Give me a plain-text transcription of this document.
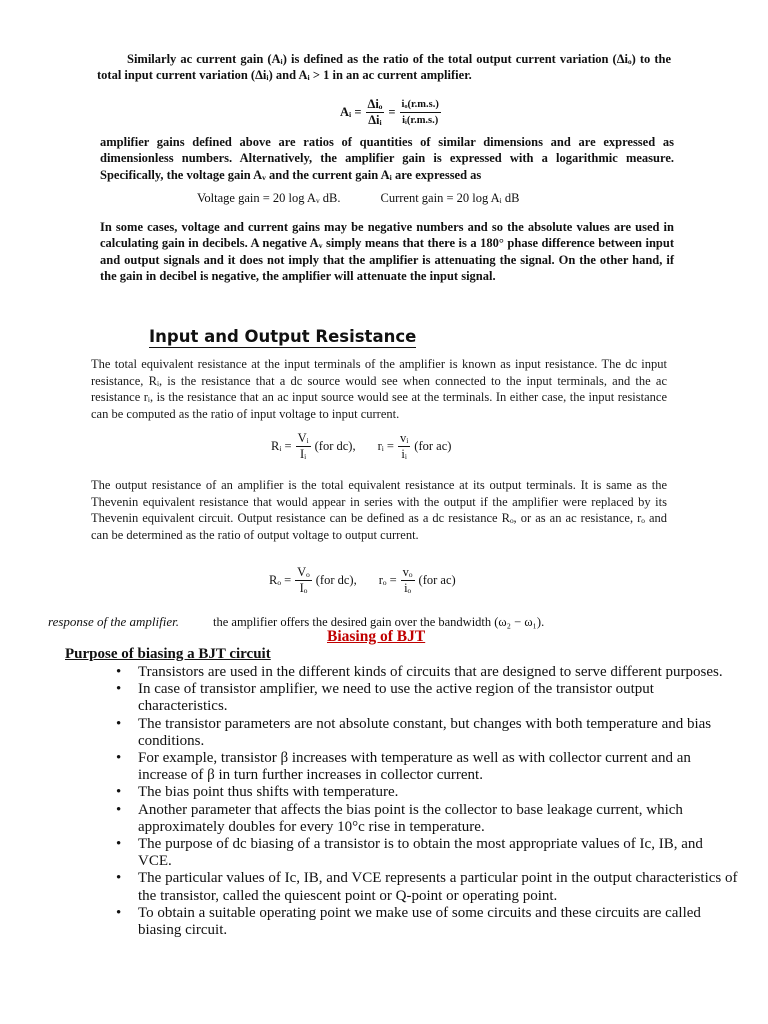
Similarly ac current gain (Aᵢ) is defined as the ratio of the total output current variation (Δiₒ) to the total input current variation (Δiᵢ) and Aᵢ > 1 in an ac current amplifier.

Aᵢ = $\frac{\text{Δiₒ}}{\text{Δiᵢ}} = \frac{\text{iₒ(r.m.s.)}}{\text{iᵢ(r.m.s.)}}$

amplifier gains defined above are ratios of quantities of similar dimensions and are expressed as dimensionless numbers. Alternatively, the amplifier gain is expressed with a logarithmic measure. Specifically, the voltage gain Aᵥ and the current gain Aᵢ are expressed as

Voltage gain = 20 log Aᵥ dB.	Current gain = 20 log Aᵢ dB

In some cases, voltage and current gains may be negative numbers and so the absolute values are used in calculating gain in decibels. A negative Aᵥ simply means that there is a 180° phase difference between input and output signals and it does not imply that the amplifier is attenuating the signal. On the other hand, if the gain in decibel is negative, the amplifier will attenuate the input signal.

Input and Output Resistance

The total equivalent resistance at the input terminals of the amplifier is known as input resistance. The dc input resistance, Rᵢ, is the resistance that a dc source would see when connected to the input terminals, and the ac resistance rᵢ, is the resistance that an ac input source would see at the terminals. In either case, the input resistance can be computed as the ratio of input voltage to input current.

Rᵢ = $\frac{\text{Vᵢ}}{\text{Iᵢ}} (for$ dc), rᵢ = $\frac{\text{vᵢ}}{\text{iᵢ}} (for$ ac)

The output resistance of an amplifier is the total equivalent resistance at its output terminals. It is same as the Thevenin equivalent resistance that would appear in series with the output if the amplifier were replaced by its Thevenin equivalent circuit. Output resistance can be defined as a dc resistance Rₒ, or as an ac resistance, rₒ and can be determined as the ratio of output voltage to output current.

$R_o = \frac{\text{Vₒ}}{\text{Iₒ}} (for$ dc), $r_o = \frac{\text{vₒ}}{\text{iₒ}} (for$ ac)
response of the amplifier.	the amplifier offers the desired gain over the bandwidth (ω₂ − ω₁).
Biasing of BJT
Purpose of biasing a BJT circuit
• Transistors are used in the different kinds of circuits that are designed to serve different purposes.
• In case of transistor amplifier, we need to use the active region of the transistor output characteristics.
• The transistor parameters are not absolute constant, but changes with both temperature and bias conditions.
• For example, transistor β increases with temperature as well as with collector current and an increase of β in turn further increases in collector current.
• The bias point thus shifts with temperature.
• Another parameter that affects the bias point is the collector to base leakage current, which approximately doubles for every 10°c rise in temperature.
• The purpose of dc biasing of a transistor is to obtain the most appropriate values of Ic, IB, and VCE.
• The particular values of Ic, IB, and VCE represents a particular point in the output characteristics of the transistor, called the quiescent point or Q-point or operating point.
• To obtain a suitable operating point we make use of some circuits and these circuits are called biasing circuit.
